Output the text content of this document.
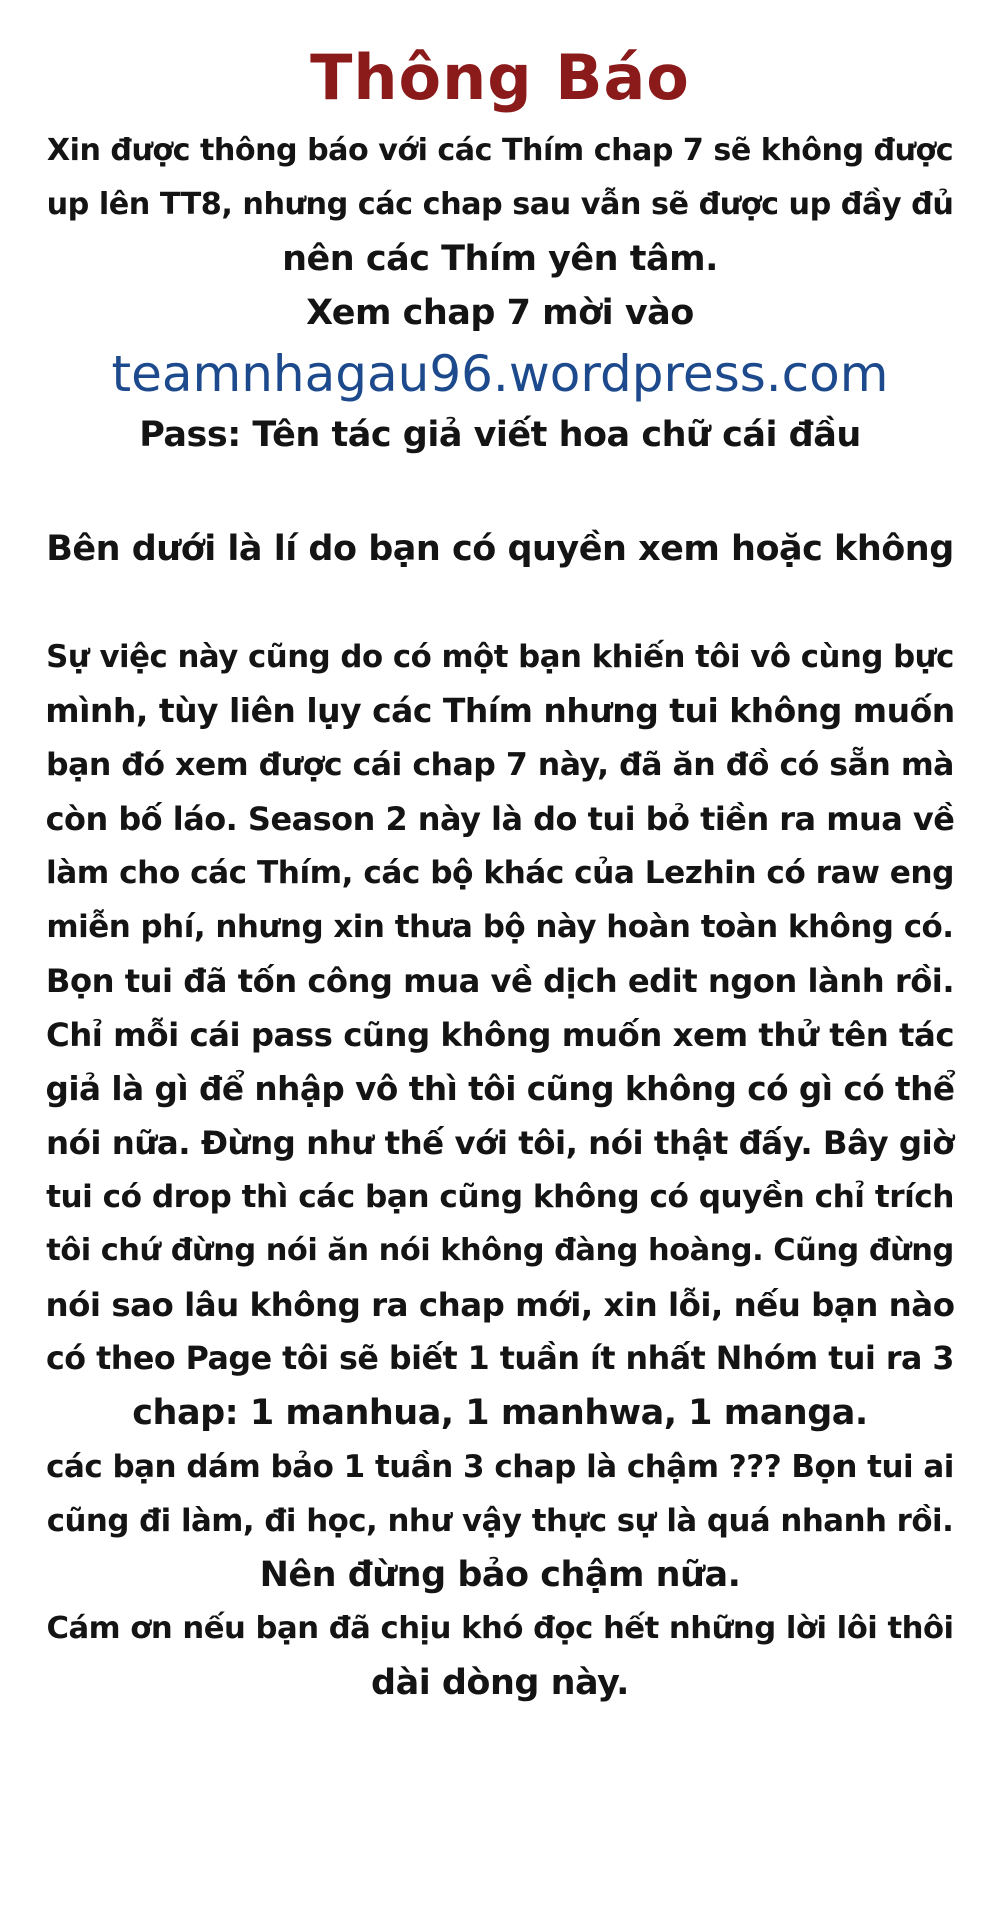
Thông Báo
Xin được thông báo với các Thím chap 7 sẽ không được
up lên TT8, nhưng các chap sau vẫn sẽ được up đầy đủ
nên các Thím yên tâm.
Xem chap 7 mời vào
teamnhagau96.wordpress.com
Pass: Tên tác giả viết hoa chữ cái đầu
Bên dưới là lí do bạn có quyền xem hoặc không
Sự việc này cũng do có một bạn khiến tôi vô cùng bực
mình, tùy liên lụy các Thím nhưng tui không muốn
bạn đó xem được cái chap 7 này, đã ăn đồ có sẵn mà
còn bố láo. Season 2 này là do tui bỏ tiền ra mua về
làm cho các Thím, các bộ khác của Lezhin có raw eng
miễn phí, nhưng xin thưa bộ này hoàn toàn không có.
Bọn tui đã tốn công mua về dịch edit ngon lành rồi.
Chỉ mỗi cái pass cũng không muốn xem thử tên tác
giả là gì để nhập vô thì tôi cũng không có gì có thể
nói nữa. Đừng như thế với tôi, nói thật đấy. Bây giờ
tui có drop thì các bạn cũng không có quyền chỉ trích
tôi chứ đừng nói ăn nói không đàng hoàng. Cũng đừng
nói sao lâu không ra chap mới, xin lỗi, nếu bạn nào
có theo Page tôi sẽ biết 1 tuần ít nhất Nhóm tui ra 3
chap: 1 manhua, 1 manhwa, 1 manga.
các bạn dám bảo 1 tuần 3 chap là chậm ??? Bọn tui ai
cũng đi làm, đi học, như vậy thực sự là quá nhanh rồi.
Nên đừng bảo chậm nữa.
Cám ơn nếu bạn đã chịu khó đọc hết những lời lôi thôi
dài dòng này.
